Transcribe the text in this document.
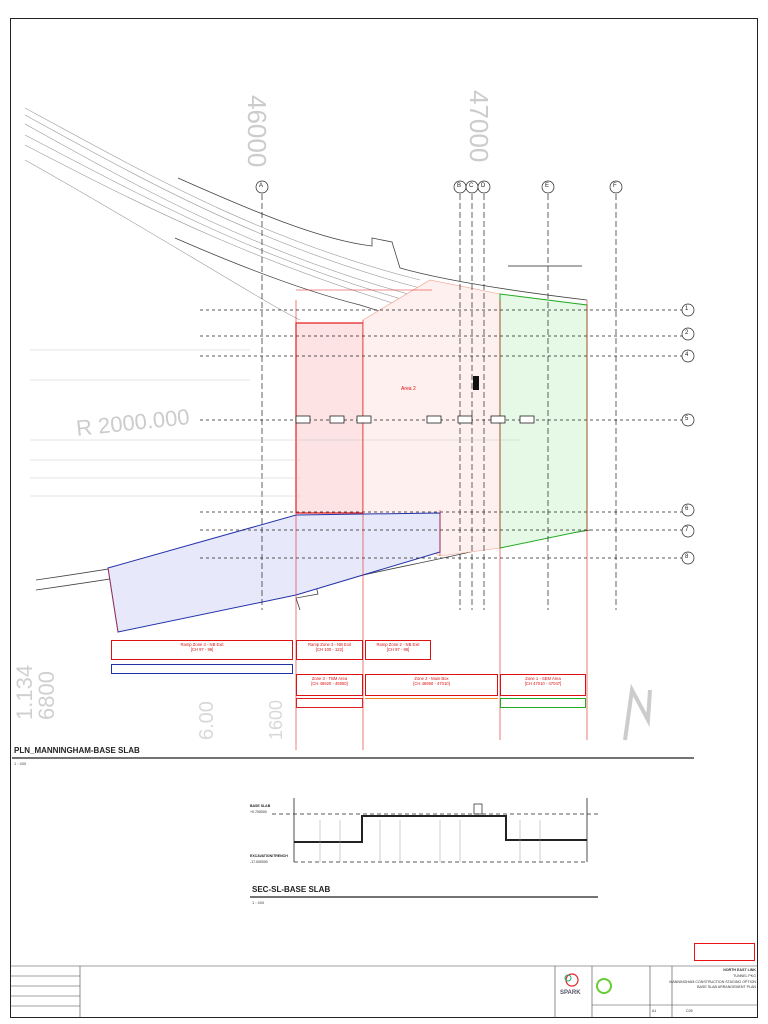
46000	47000
R 2000.000
1.134
6800
6.00	1600
Area 2
A	B C D	E	F
1
2
4
5
6
7
8
Ramp Zone 3 - NB Exit
[CH 97 - 99]
Ramp Zone 3 - NB Exit
[CH 100 - 122]
Ramp Zone 2 - NB Exit
[CH 97 - 99]
Zone 3 - TBM Area
[CH 46920 - 46950]
Zone 2 - Main Box
[CH 46950 - 47010]
Zone 1 - SEM Area
[CH 47010 - 47047]
PLN_MANNINGHAM-BASE SLAB
1 : 400
BASE SLAB
+0.700000
EXCAVATION/TRENCH
-17.000000
SEC-SL-BASE SLAB
1 : 400
SPARK
NORTH EAST LINK
TUNNEL PKG
MANNINGHAM CONSTRUCTION STAGING OPTION
BASE SLAB ARRANGEMENT PLAN
A1	C05
